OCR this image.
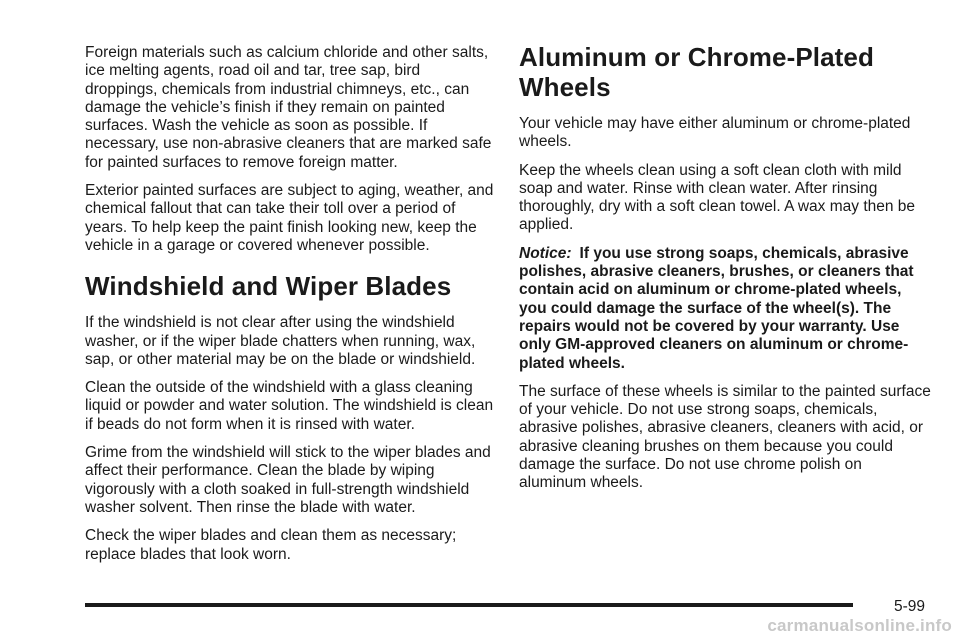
Foreign materials such as calcium chloride and other salts, ice melting agents, road oil and tar, tree sap, bird droppings, chemicals from industrial chimneys, etc., can damage the vehicle’s finish if they remain on painted surfaces. Wash the vehicle as soon as possible. If necessary, use non-abrasive cleaners that are marked safe for painted surfaces to remove foreign matter.

Exterior painted surfaces are subject to aging, weather, and chemical fallout that can take their toll over a period of years. To help keep the paint finish looking new, keep the vehicle in a garage or covered whenever possible.

Windshield and Wiper Blades

If the windshield is not clear after using the windshield washer, or if the wiper blade chatters when running, wax, sap, or other material may be on the blade or windshield.

Clean the outside of the windshield with a glass cleaning liquid or powder and water solution. The windshield is clean if beads do not form when it is rinsed with water.

Grime from the windshield will stick to the wiper blades and affect their performance. Clean the blade by wiping vigorously with a cloth soaked in full-strength windshield washer solvent. Then rinse the blade with water.

Check the wiper blades and clean them as necessary; replace blades that look worn.

Aluminum or Chrome-Plated Wheels

Your vehicle may have either aluminum or chrome-plated wheels.

Keep the wheels clean using a soft clean cloth with mild soap and water. Rinse with clean water. After rinsing thoroughly, dry with a soft clean towel. A wax may then be applied.

Notice: If you use strong soaps, chemicals, abrasive polishes, abrasive cleaners, brushes, or cleaners that contain acid on aluminum or chrome-plated wheels, you could damage the surface of the wheel(s). The repairs would not be covered by your warranty. Use only GM-approved cleaners on aluminum or chrome-plated wheels.

The surface of these wheels is similar to the painted surface of your vehicle. Do not use strong soaps, chemicals, abrasive polishes, abrasive cleaners, cleaners with acid, or abrasive cleaning brushes on them because you could damage the surface. Do not use chrome polish on aluminum wheels.

5-99
carmanualsonline.info
